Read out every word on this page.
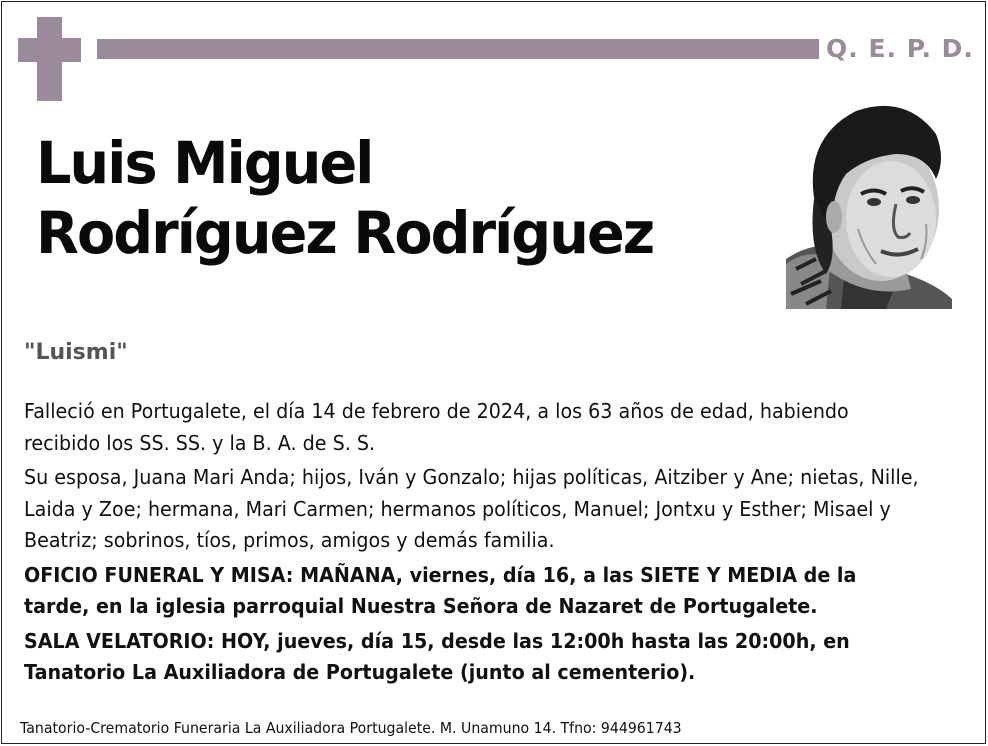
Q. E. P. D.
Luis Miguel
Rodríguez Rodríguez
"Luismi"

Falleció en Portugalete, el día 14 de febrero de 2024, a los 63 años de edad, habiendo recibido los SS. SS. y la B. A. de S. S.

Su esposa, Juana Mari Anda; hijos, Iván y Gonzalo; hijas políticas, Aitziber y Ane; nietas, Nille, Laida y Zoe; hermana, Mari Carmen; hermanos políticos, Manuel; Jontxu y Esther; Misael y Beatriz; sobrinos, tíos, primos, amigos y demás familia.

OFICIO FUNERAL Y MISA: MAÑANA, viernes, día 16, a las SIETE Y MEDIA de la tarde, en la iglesia parroquial Nuestra Señora de Nazaret de Portugalete.

SALA VELATORIO: HOY, jueves, día 15, desde las 12:00h hasta las 20:00h, en Tanatorio La Auxiliadora de Portugalete (junto al cementerio).

Tanatorio-Crematorio Funeraria La Auxiliadora Portugalete. M. Unamuno 14. Tfno: 944961743
